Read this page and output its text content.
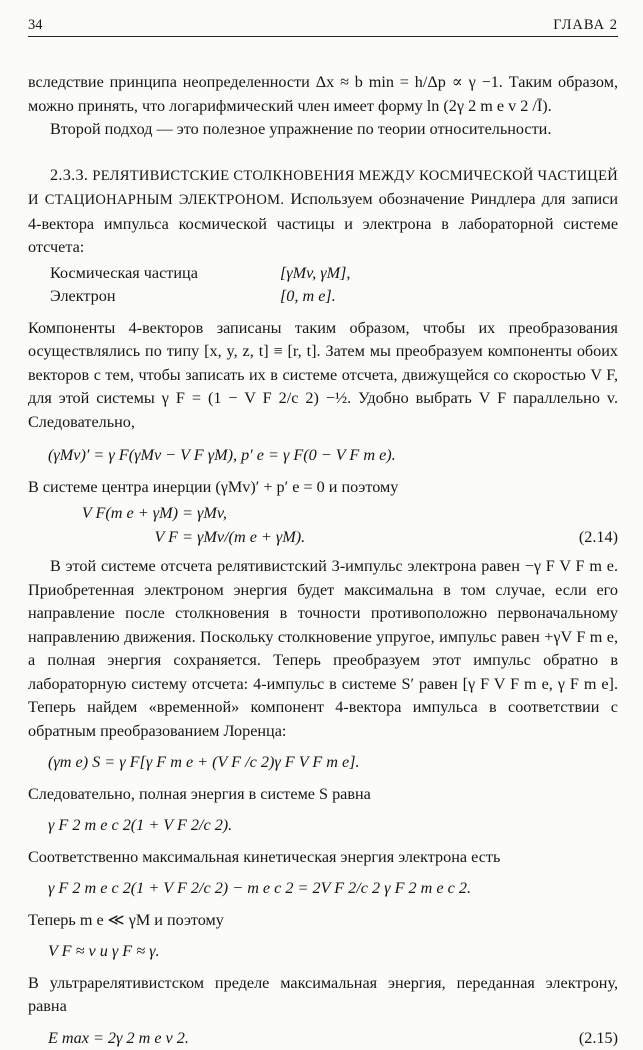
34	ГЛАВА 2

вследствие принципа неопределенности Δx ≈ b min = h/Δp ∝ γ −1. Таким образом, можно принять, что логарифмический член имеет форму ln (2γ 2 m e v 2 /Ī).

Второй подход — это полезное упражнение по теории относительности.

2.3.3. РЕЛЯТИВИСТСКИЕ СТОЛКНОВЕНИЯ МЕЖДУ КОСМИЧЕСКОЙ ЧАСТИЦЕЙ И СТАЦИОНАРНЫМ ЭЛЕКТРОНОМ. Используем обозначение Риндлера для записи 4-вектора импульса космической частицы и электрона в лабораторной системе отсчета:

Космическая частица	[γMv, γM],
Электрон	[0, m e].

Компоненты 4-векторов записаны таким образом, чтобы их преобразования осуществлялись по типу [x, y, z, t] ≡ [r, t]. Затем мы преобразуем компоненты обоих векторов с тем, чтобы записать их в системе отсчета, движущейся со скоростью V F, для этой системы γ F = (1 − V F 2/c 2) −½. Удобно выбрать V F параллельно v. Следовательно,

(γMv)′ = γ F(γMv − V F γM), p′ e = γ F(0 − V F m e).

В системе центра инерции (γMv)′ + p′ e = 0 и поэтому

V F(m e + γM) = γMv,
V F = γMv/(m e + γM).	(2.14)

В этой системе отсчета релятивистский 3-импульс электрона равен −γ F V F m e. Приобретенная электроном энергия будет максимальна в том случае, если его направление после столкновения в точности противоположно первоначальному направлению движения. Поскольку столкновение упругое, импульс равен +γV F m e, а полная энергия сохраняется. Теперь преобразуем этот импульс обратно в лабораторную систему отсчета: 4-импульс в системе S′ равен [γ F V F m e, γ F m e]. Теперь найдем «временной» компонент 4-вектора импульса в соответствии с обратным преобразованием Лоренца:

(γm e) S = γ F[γ F m e + (V F /c 2)γ F V F m e].

Следовательно, полная энергия в системе S равна

γ F 2 m e c 2(1 + V F 2/c 2).

Соответственно максимальная кинетическая энергия электрона есть

γ F 2 m e c 2(1 + V F 2/c 2) − m e c 2 = 2V F 2/c 2 γ F 2 m e c 2.

Теперь m e ≪ γM и поэтому

V F ≈ v и γ F ≈ γ.

В ультрарелятивистском пределе максимальная энергия, переданная электрону, равна

E max = 2γ 2 m e v 2.	(2.15)
